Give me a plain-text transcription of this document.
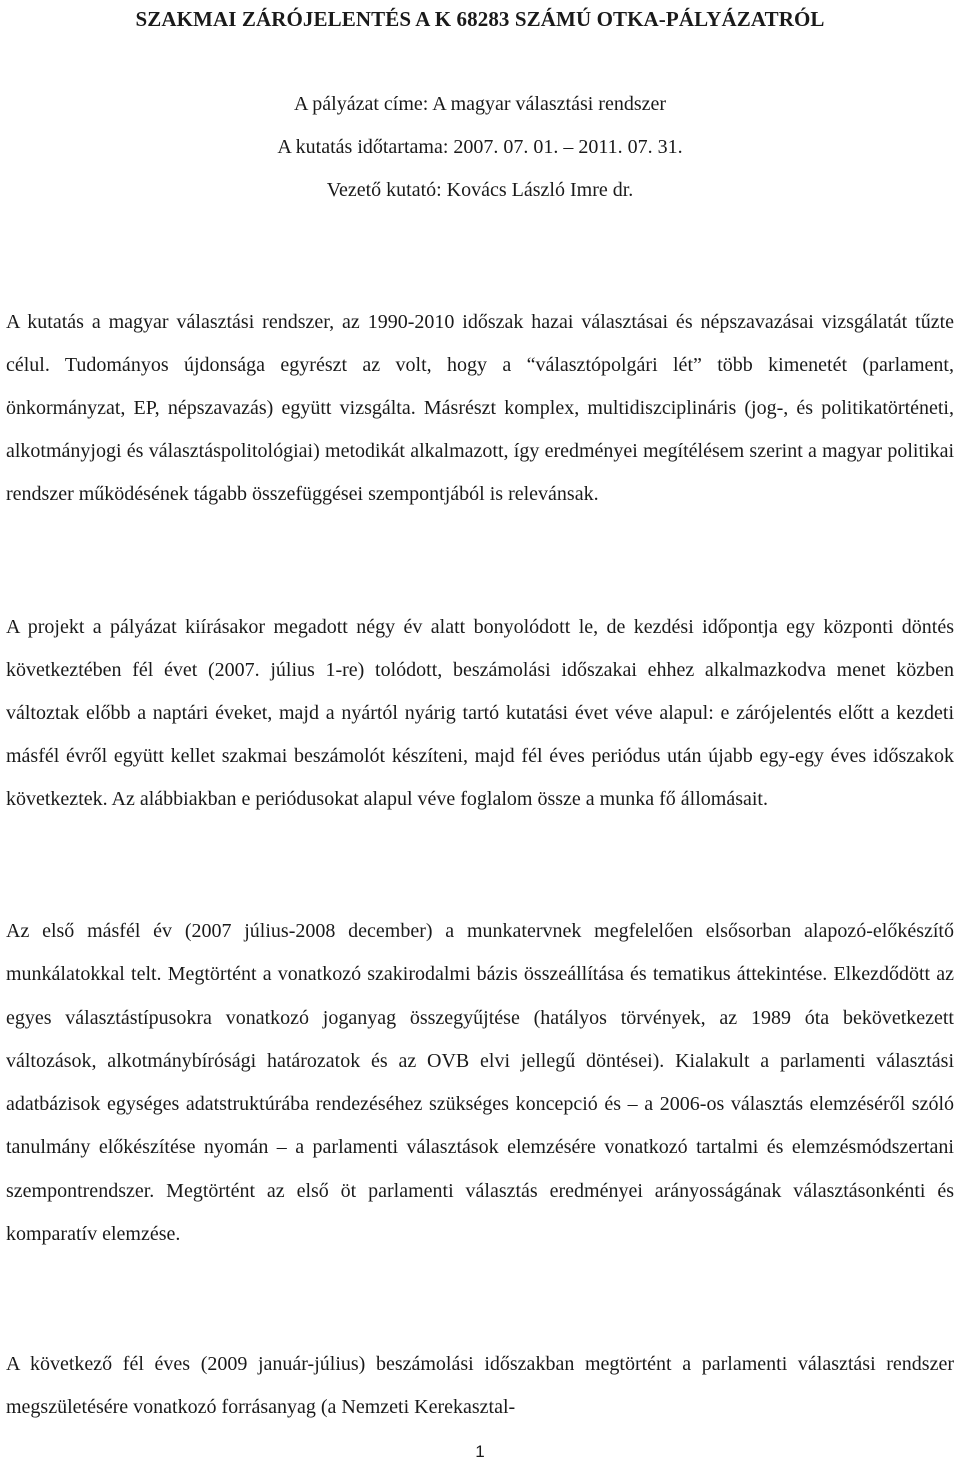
SZAKMAI ZÁRÓJELENTÉS A K 68283 SZÁMÚ OTKA-PÁLYÁZATRÓL

A pályázat címe: A magyar választási rendszer

A kutatás időtartama: 2007. 07. 01. – 2011. 07. 31.

Vezető kutató: Kovács László Imre dr.

A kutatás a magyar választási rendszer, az 1990-2010 időszak hazai választásai és népszavazásai vizsgálatát tűzte célul. Tudományos újdonsága egyrészt az volt, hogy a “választópolgári lét” több kimenetét (parlament, önkormányzat, EP, népszavazás) együtt vizsgálta. Másrészt komplex, multidiszciplináris (jog-, és politikatörténeti, alkotmányjogi és választáspolitológiai) metodikát alkalmazott, így eredményei megítélésem szerint a magyar politikai rendszer működésének tágabb összefüggései szempontjából is relevánsak.

A projekt a pályázat kiírásakor megadott négy év alatt bonyolódott le, de kezdési időpontja egy központi döntés következtében fél évet (2007. július 1-re) tolódott, beszámolási időszakai ehhez alkalmazkodva menet közben változtak előbb a naptári éveket, majd a nyártól nyárig tartó kutatási évet véve alapul: e zárójelentés előtt a kezdeti másfél évről együtt kellet szakmai beszámolót készíteni, majd fél éves periódus után újabb egy-egy éves időszakok következtek. Az alábbiakban e periódusokat alapul véve foglalom össze a munka fő állomásait.

Az első másfél év (2007 július-2008 december) a munkatervnek megfelelően elsősorban alapozó-előkészítő munkálatokkal telt. Megtörtént a vonatkozó szakirodalmi bázis összeállítása és tematikus áttekintése. Elkezdődött az egyes választástípusokra vonatkozó joganyag összegyűjtése (hatályos törvények, az 1989 óta bekövetkezett változások, alkotmánybírósági határozatok és az OVB elvi jellegű döntései). Kialakult a parlamenti választási adatbázisok egységes adatstruktúrába rendezéséhez szükséges koncepció és – a 2006-os választás elemzéséről szóló tanulmány előkészítése nyomán – a parlamenti választások elemzésére vonatkozó tartalmi és elemzésmódszertani szempontrendszer. Megtörtént az első öt parlamenti választás eredményei arányosságának választásonkénti és komparatív elemzése.

A következő fél éves (2009 január-július) beszámolási időszakban megtörtént a parlamenti választási rendszer megszületésére vonatkozó forrásanyag (a Nemzeti Kerekasztal-

1
